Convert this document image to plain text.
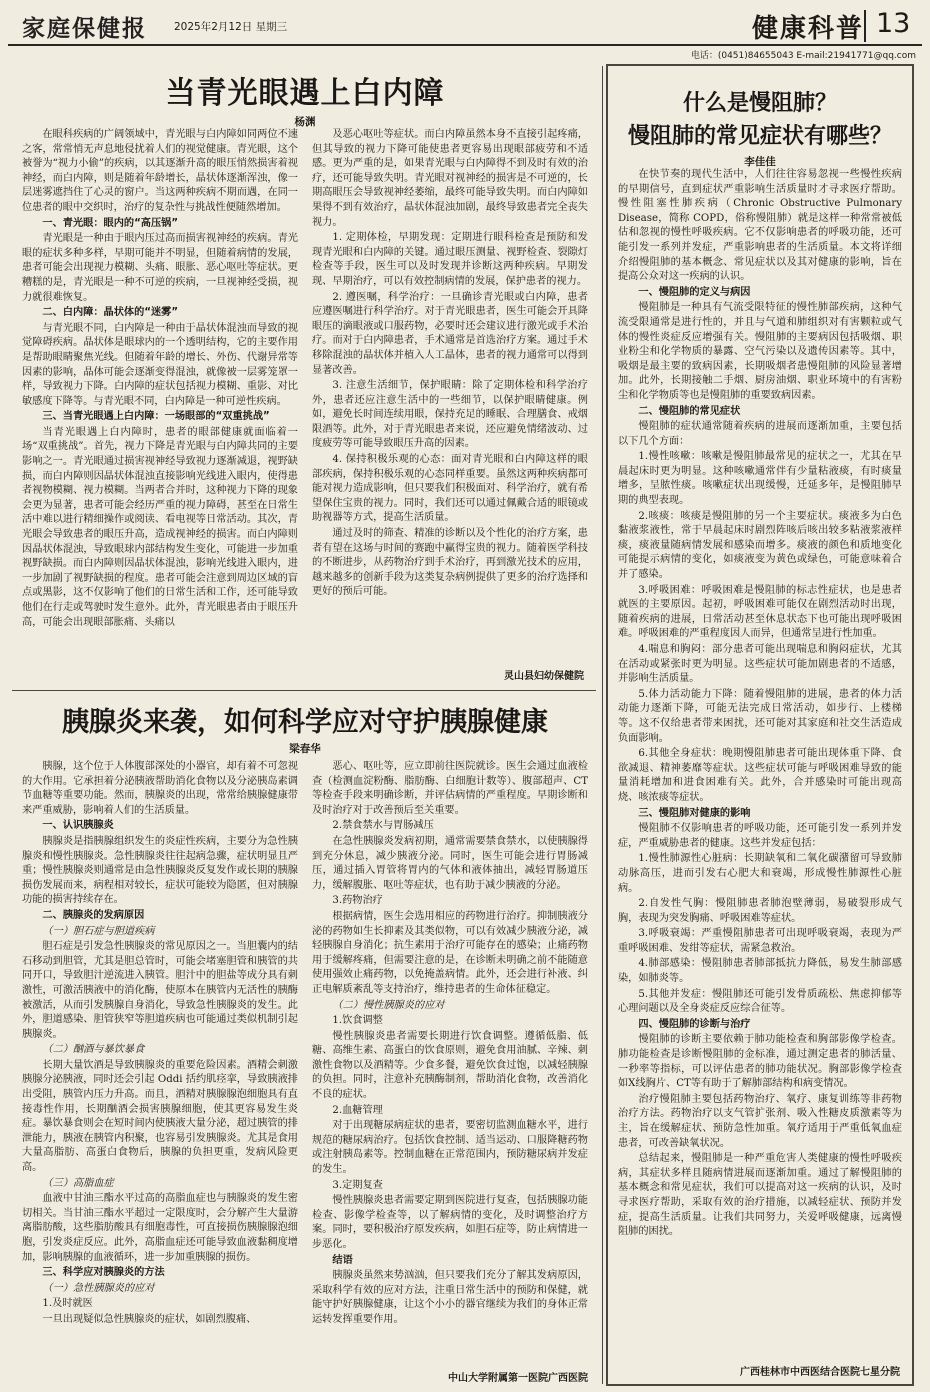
家庭保健报	2025年2月12日 星期三	健康科普 13
电话：(0451)84655043 E-mail:21941771@qq.com
当青光眼遇上白内障
杨渊

在眼科疾病的广阔领域中，青光眼与白内障如同两位不速之客，常常悄无声息地侵扰着人们的视觉健康。青光眼，这个被誉为“视力小偷”的疾病，以其逐渐升高的眼压悄然损害着视神经，而白内障，则是随着年龄增长，晶状体逐渐浑浊，像一层迷雾遮挡住了心灵的窗户。当这两种疾病不期而遇，在同一位患者的眼中交织时，治疗的复杂性与挑战性便随然增加。

一、青光眼：眼内的“高压锅”

青光眼是一种由于眼内压过高而损害视神经的疾病。青光眼的症状多种多样，早期可能并不明显，但随着病情的发展，患者可能会出现视力模糊、头痛、眼胀、恶心呕吐等症状。更糟糕的是，青光眼是一种不可逆的疾病，一旦视神经受损，视力就很难恢复。

二、白内障：晶状体的“迷雾”

与青光眼不同，白内障是一种由于晶状体混浊而导致的视觉障碍疾病。晶状体是眼球内的一个透明结构，它的主要作用是帮助眼睛聚焦光线。但随着年龄的增长、外伤、代谢异常等因素的影响，晶体可能会逐渐变得混浊，就像被一层雾笼罩一样，导致视力下降。白内障的症状包括视力模糊、重影、对比敏感度下降等。与青光眼不同，白内障是一种可逆性疾病。

三、当青光眼遇上白内障：一场眼部的“双重挑战”

当青光眼遇上白内障时，患者的眼部健康就面临着一场“双重挑战”。首先，视力下降是青光眼与白内障共同的主要影响之一。青光眼通过损害视神经导致视力逐渐减退，视野缺损，而白内障则因晶状体混浊直接影响光线进入眼内，使得患者视物模糊、视力模糊。当两者合并时，这种视力下降的现象会更为显著，患者可能会经历严重的视力障碍，甚至在日常生活中难以进行精细操作或阅读、看电视等日常活动。其次，青光眼会导致患者的眼压升高，造成视神经的损害。而白内障则因晶状体混浊，导致眼球内部结构发生变化，可能进一步加重视野缺损。而白内障则因晶状体混浊，影响光线进入眼内，进一步加剧了视野缺损的程度。患者可能会注意到周边区域的盲点或黑影，这不仅影响了他们的日常生活和工作，还可能导致他们在行走或驾驶时发生意外。此外，青光眼患者由于眼压升高，可能会出现眼部胀痛、头痛以

及恶心呕吐等症状。而白内障虽然本身不直接引起疼痛，但其导致的视力下降可能使患者更容易出现眼部疲劳和不适感。更为严重的是，如果青光眼与白内障得不到及时有效的治疗，还可能导致失明。青光眼对视神经的损害是不可逆的，长期高眼压会导致视神经萎缩，最终可能导致失明。而白内障如果得不到有效治疗，晶状体混浊加剧，最终导致患者完全丧失视力。

1. 定期体检，早期发现：定期进行眼科检查是预防和发现青光眼和白内障的关键。通过眼压测量、视野检查、裂隙灯检查等手段，医生可以及时发现并诊断这两种疾病。早期发现、早期治疗，可以有效控制病情的发展，保护患者的视力。

2. 遵医嘱，科学治疗：一旦确诊青光眼或白内障，患者应遵医嘱进行科学治疗。对于青光眼患者，医生可能会开具降眼压的滴眼液或口服药物，必要时还会建议进行激光或手术治疗。而对于白内障患者，手术通常是首选治疗方案。通过手术移除混浊的晶状体并植入人工晶体，患者的视力通常可以得到显著改善。

3. 注意生活细节，保护眼睛：除了定期体检和科学治疗外，患者还应注意生活中的一些细节，以保护眼睛健康。例如，避免长时间连续用眼，保持充足的睡眠、合理膳食、戒烟限酒等。此外，对于青光眼患者来说，还应避免情绪波动、过度疲劳等可能导致眼压升高的因素。

4. 保持积极乐观的心态：面对青光眼和白内障这样的眼部疾病，保持积极乐观的心态同样重要。虽然这两种疾病都可能对视力造成影响，但只要我们积极面对、科学治疗，就有希望保住宝贵的视力。同时，我们还可以通过佩戴合适的眼镜或助视器等方式，提高生活质量。

通过及时的筛查、精准的诊断以及个性化的治疗方案，患者有望在这场与时间的赛跑中赢得宝贵的视力。随着医学科技的不断进步，从药物治疗到手术治疗，再到激光技术的应用，越来越多的创新手段为这类复杂病例提供了更多的治疗选择和更好的预后可能。

灵山县妇幼保健院
胰腺炎来袭，如何科学应对守护胰腺健康
梁春华

胰腺，这个位于人体腹部深处的小器官，却有着不可忽视的大作用。它承担着分泌胰液帮助消化食物以及分泌胰岛素调节血糖等重要功能。然而，胰腺炎的出现，常常给胰腺健康带来严重威胁，影响着人们的生活质量。

一、认识胰腺炎

胰腺炎是指胰腺组织发生的炎症性疾病，主要分为急性胰腺炎和慢性胰腺炎。急性胰腺炎往往起病急骤，症状明显且严重；慢性胰腺炎则通常是由急性胰腺炎反复发作或长期的胰腺损伤发展而来，病程相对较长，症状可能较为隐匿，但对胰腺功能的损害持续存在。

二、胰腺炎的发病原因
（一）胆石症与胆道疾病

胆石症是引发急性胰腺炎的常见原因之一。当胆囊内的结石移动到胆管，尤其是胆总管时，可能会堵塞胆管和胰管的共同开口，导致胆汁逆流进入胰管。胆汁中的胆盐等成分具有刺激性，可激活胰液中的消化酶，使原本在胰管内无活性的胰酶被激活，从而引发胰腺自身消化，导致急性胰腺炎的发生。此外，胆道感染、胆管狭窄等胆道疾病也可能通过类似机制引起胰腺炎。

（二）酗酒与暴饮暴食

长期大量饮酒是导致胰腺炎的重要危险因素。酒精会刺激胰腺分泌胰液，同时还会引起 Oddi 括约肌痉挛，导致胰液排出受阻，胰管内压力升高。而且，酒精对胰腺腺泡细胞具有直接毒性作用，长期酗酒会损害胰腺细胞，使其更容易发生炎症。暴饮暴食则会在短时间内使胰液大量分泌，超过胰管的排泄能力，胰液在胰管内积聚，也容易引发胰腺炎。尤其是食用大量高脂肪、高蛋白食物后，胰腺的负担更重，发病风险更高。

（三）高脂血症

血液中甘油三酯水平过高的高脂血症也与胰腺炎的发生密切相关。当甘油三酯水平超过一定限度时，会分解产生大量游离脂肪酸，这些脂肪酸具有细胞毒性，可直接损伤胰腺腺泡细胞，引发炎症反应。此外，高脂血症还可能导致血液黏稠度增加，影响胰腺的血液循环，进一步加重胰腺的损伤。

三、科学应对胰腺炎的方法
（一）急性胰腺炎的应对

1.及时就医

一旦出现疑似急性胰腺炎的症状，如剧烈腹痛、

恶心、呕吐等，应立即前往医院就诊。医生会通过血液检查（检测血淀粉酶、脂肪酶、白细胞计数等）、腹部超声、CT 等检查手段来明确诊断，并评估病情的严重程度。早期诊断和及时治疗对于改善预后至关重要。

2.禁食禁水与胃肠减压

在急性胰腺炎发病初期，通常需要禁食禁水，以使胰腺得到充分休息，减少胰液分泌。同时，医生可能会进行胃肠减压，通过插入胃管将胃内的气体和液体抽出，减轻胃肠道压力，缓解腹胀、呕吐等症状，也有助于减少胰液的分泌。

3.药物治疗

根据病情，医生会选用相应的药物进行治疗。抑制胰液分泌的药物如生长抑素及其类似物，可以有效减少胰液分泌，减轻胰腺自身消化；抗生素用于治疗可能存在的感染；止痛药物用于缓解疼痛，但需要注意的是，在诊断未明确之前不能随意使用强效止痛药物，以免掩盖病情。此外，还会进行补液、纠正电解质紊乱等支持治疗，维持患者的生命体征稳定。

（二）慢性胰腺炎的应对

1.饮食调整

慢性胰腺炎患者需要长期进行饮食调整。遵循低脂、低糖、高维生素、高蛋白的饮食原则，避免食用油腻、辛辣、刺激性食物以及酒精等。少食多餐，避免饮食过饱，以减轻胰腺的负担。同时，注意补充胰酶制剂，帮助消化食物，改善消化不良的症状。

2.血糖管理

对于出现糖尿病症状的患者，要密切监测血糖水平，进行规范的糖尿病治疗。包括饮食控制、适当运动、口服降糖药物或注射胰岛素等。控制血糖在正常范围内，预防糖尿病并发症的发生。

3.定期复查

慢性胰腺炎患者需要定期到医院进行复查，包括胰腺功能检查、影像学检查等，以了解病情的变化，及时调整治疗方案。同时，要积极治疗原发疾病，如胆石症等，防止病情进一步恶化。

结语

胰腺炎虽然来势汹汹，但只要我们充分了解其发病原因，采取科学有效的应对方法，注重日常生活中的预防和保健，就能守护好胰腺健康，让这个小小的器官继续为我们的身体正常运转发挥重要作用。

中山大学附属第一医院广西医院
什么是慢阻肺？
慢阻肺的常见症状有哪些？
李佳佳

在快节奏的现代生活中，人们往往容易忽视一些慢性疾病的早期信号，直到症状严重影响生活质量时才寻求医疗帮助。慢性阻塞性肺疾病（Chronic Obstructive Pulmonary Disease，简称 COPD，俗称慢阻肺）就是这样一种常常被低估和忽视的慢性呼吸疾病。它不仅影响患者的呼吸功能，还可能引发一系列并发症，严重影响患者的生活质量。本文将详细介绍慢阻肺的基本概念、常见症状以及其对健康的影响，旨在提高公众对这一疾病的认识。

一、慢阻肺的定义与病因

慢阻肺是一种具有气流受限特征的慢性肺部疾病，这种气流受限通常是进行性的，并且与气道和肺组织对有害颗粒或气体的慢性炎症反应增强有关。慢阻肺的主要病因包括吸烟、职业粉尘和化学物质的暴露、空气污染以及遗传因素等。其中，吸烟是最主要的致病因素，长期吸烟者患慢阻肺的风险显著增加。此外，长期接触二手烟、厨房油烟、职业环境中的有害粉尘和化学物质等也是慢阻肺的重要致病因素。

二、慢阻肺的常见症状

慢阻肺的症状通常随着疾病的进展而逐渐加重，主要包括以下几个方面：

1.慢性咳嗽：咳嗽是慢阻肺最常见的症状之一，尤其在早晨起床时更为明显。这种咳嗽通常伴有少量粘液痰，有时痰量增多，呈脓性痰。咳嗽症状出现缓慢，迁延多年，是慢阻肺早期的典型表现。

2.咳痰：咳痰是慢阻肺的另一个主要症状。痰液多为白色黏液浆液性，常于早晨起床时剧烈阵咳后咳出较多粘液浆液样痰，痰液量随病情发展和感染而增多。痰液的颜色和质地变化可能提示病情的变化，如痰液变为黄色或绿色，可能意味着合并了感染。

3.呼吸困难：呼吸困难是慢阻肺的标志性症状，也是患者就医的主要原因。起初，呼吸困难可能仅在剧烈活动时出现，随着疾病的进展，日常活动甚至休息状态下也可能出现呼吸困难。呼吸困难的严重程度因人而异，但通常呈进行性加重。

4.喘息和胸闷：部分患者可能出现喘息和胸闷症状，尤其在活动或紧张时更为明显。这些症状可能加剧患者的不适感，并影响生活质量。

5.体力活动能力下降：随着慢阻肺的进展，患者的体力活动能力逐渐下降，可能无法完成日常活动，如步行、上楼梯等。这不仅给患者带来困扰，还可能对其家庭和社交生活造成负面影响。

6.其他全身症状：晚期慢阻肺患者可能出现体重下降、食欲减退、精神萎靡等症状。这些症状可能与呼吸困难导致的能量消耗增加和进食困难有关。此外，合并感染时可能出现高烧、咳浓痰等症状。

三、慢阻肺对健康的影响

慢阻肺不仅影响患者的呼吸功能，还可能引发一系列并发症，严重威胁患者的健康。这些并发症包括：

1.慢性肺源性心脏病：长期缺氧和二氧化碳潴留可导致肺动脉高压，进而引发右心肥大和衰竭，形成慢性肺源性心脏病。

2.自发性气胸：慢阻肺患者肺泡壁薄弱，易破裂形成气胸，表现为突发胸痛、呼吸困难等症状。

3.呼吸衰竭：严重慢阻肺患者可出现呼吸衰竭，表现为严重呼吸困难、发绀等症状，需紧急救治。

4.肺部感染：慢阻肺患者肺部抵抗力降低，易发生肺部感染，如肺炎等。

5.其他并发症：慢阻肺还可能引发骨质疏松、焦虑抑郁等心理问题以及全身炎症反应综合征等。

四、慢阻肺的诊断与治疗

慢阻肺的诊断主要依赖于肺功能检查和胸部影像学检查。肺功能检查是诊断慢阻肺的金标准，通过测定患者的肺活量、一秒率等指标，可以评估患者的肺功能状况。胸部影像学检查如X线胸片、CT等有助于了解肺部结构和病变情况。

治疗慢阻肺主要包括药物治疗、氧疗、康复训练等非药物治疗方法。药物治疗以支气管扩张剂、吸入性糖皮质激素等为主，旨在缓解症状、预防急性加重。氧疗适用于严重低氧血症患者，可改善缺氧状况。

总结起来，慢阻肺是一种严重危害人类健康的慢性呼吸疾病，其症状多样且随病情进展而逐渐加重。通过了解慢阻肺的基本概念和常见症状，我们可以提高对这一疾病的认识，及时寻求医疗帮助，采取有效的治疗措施，以减轻症状、预防并发症，提高生活质量。让我们共同努力，关爱呼吸健康，远离慢阻肺的困扰。

广西桂林市中西医结合医院七星分院
